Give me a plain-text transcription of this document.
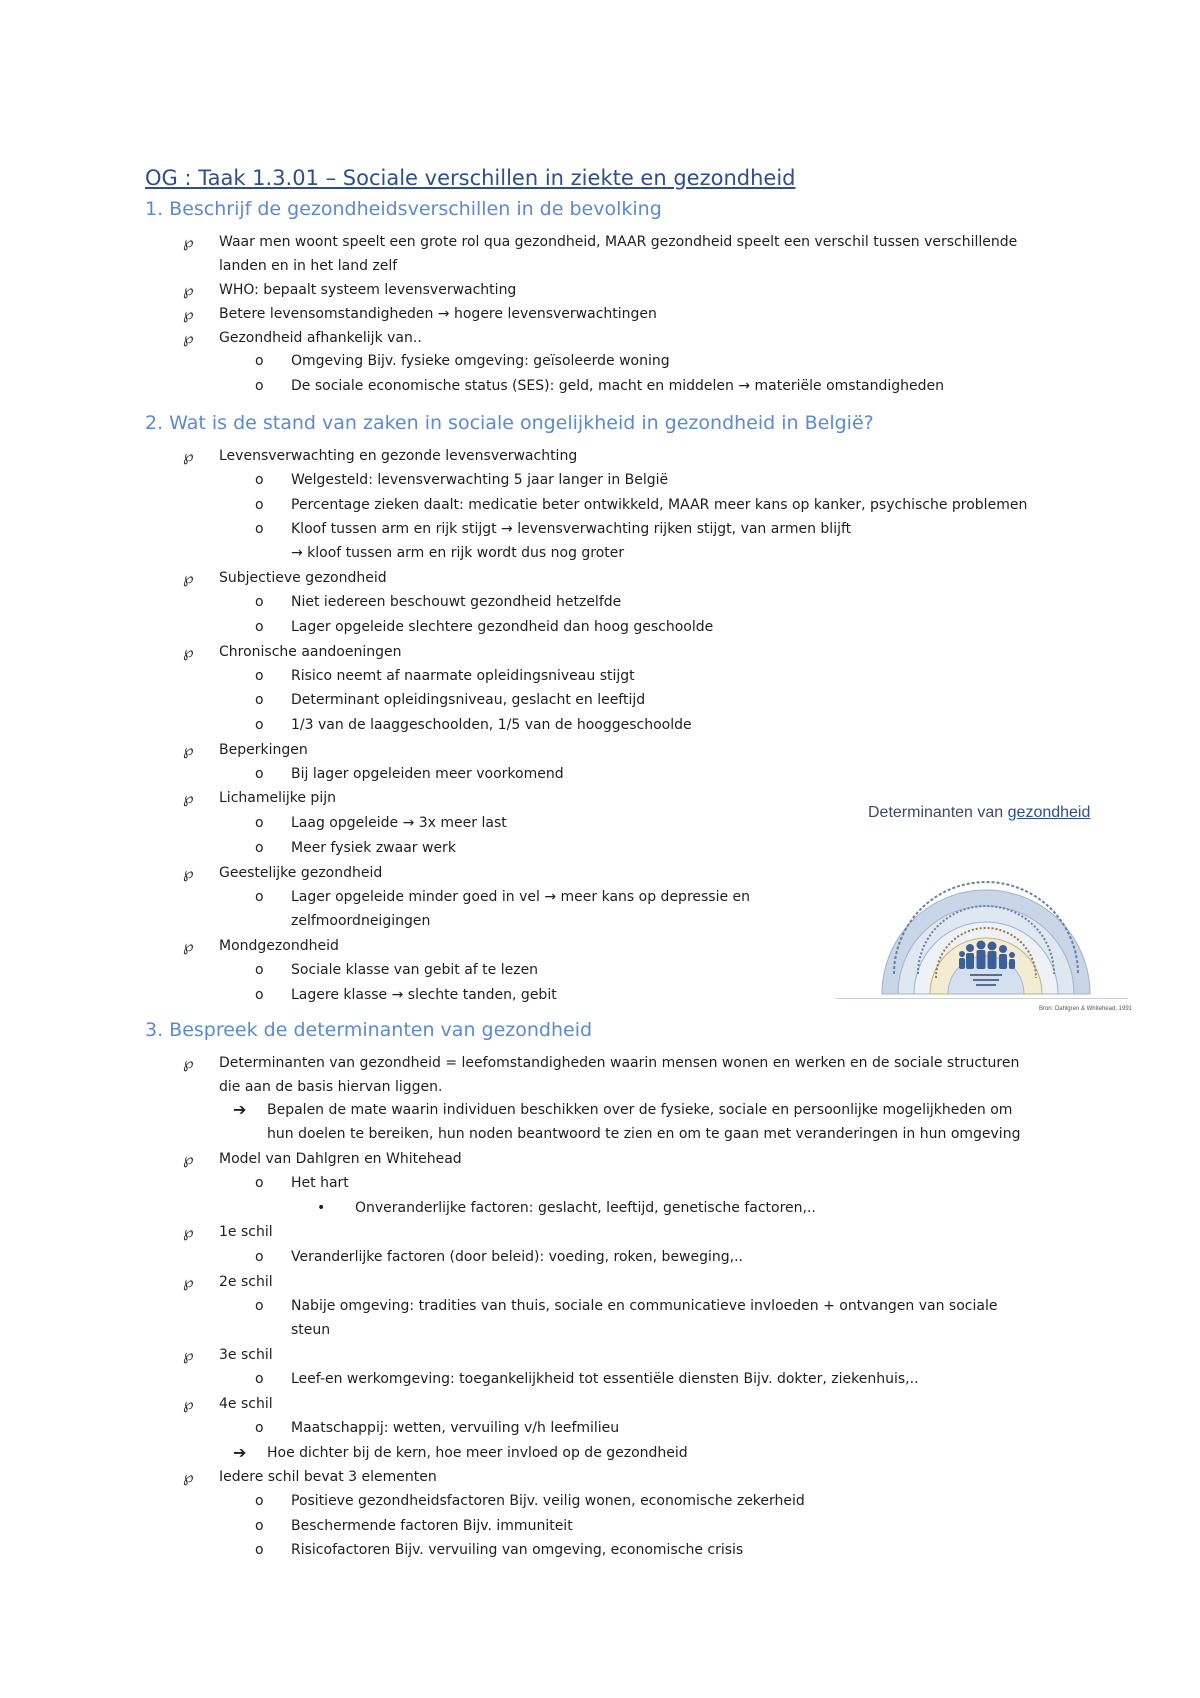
OG : Taak 1.3.01 – Sociale verschillen in ziekte en gezondheid
1. Beschrijf de gezondheidsverschillen in de bevolking
2. Wat is de stand van zaken in sociale ongelijkheid in gezondheid in België?
3. Bespreek de determinanten van gezondheid
Waar men woont speelt een grote rol qua gezondheid, MAAR gezondheid speelt een verschil tussen verschillende
℘
landen en in het land zelf
WHO: bepaalt systeem levensverwachting
℘
Betere levensomstandigheden → hogere levensverwachtingen
℘
Gezondheid afhankelijk van..
℘
Omgeving Bijv. fysieke omgeving: geïsoleerde woning
o
De sociale economische status (SES): geld, macht en middelen → materiële omstandigheden
o
Levensverwachting en gezonde levensverwachting
℘
Welgesteld: levensverwachting 5 jaar langer in België
o
Percentage zieken daalt: medicatie beter ontwikkeld, MAAR meer kans op kanker, psychische problemen
o
Kloof tussen arm en rijk stijgt → levensverwachting rijken stijgt, van armen blijft
o
→ kloof tussen arm en rijk wordt dus nog groter
Subjectieve gezondheid
℘
Niet iedereen beschouwt gezondheid hetzelfde
o
Lager opgeleide slechtere gezondheid dan hoog geschoolde
o
Chronische aandoeningen
℘
Risico neemt af naarmate opleidingsniveau stijgt
o
Determinant opleidingsniveau, geslacht en leeftijd
o
1/3 van de laaggeschoolden, 1/5 van de hooggeschoolde
o
Beperkingen
℘
Bij lager opgeleiden meer voorkomend
o
Lichamelijke pijn
℘
Laag opgeleide → 3x meer last
o
Meer fysiek zwaar werk
o
Geestelijke gezondheid
℘
Lager opgeleide minder goed in vel → meer kans op depressie en
o
zelfmoordneigingen
Mondgezondheid
℘
Sociale klasse van gebit af te lezen
o
Lagere klasse → slechte tanden, gebit
o
Determinanten van gezondheid = leefomstandigheden waarin mensen wonen en werken en de sociale structuren
℘
die aan de basis hiervan liggen.
Bepalen de mate waarin individuen beschikken over de fysieke, sociale en persoonlijke mogelijkheden om
➔
hun doelen te bereiken, hun noden beantwoord te zien en om te gaan met veranderingen in hun omgeving
Model van Dahlgren en Whitehead
℘
Het hart
o
Onveranderlijke factoren: geslacht, leeftijd, genetische factoren,..
•
1e schil
℘
Veranderlijke factoren (door beleid): voeding, roken, beweging,..
o
2e schil
℘
Nabije omgeving: tradities van thuis, sociale en communicatieve invloeden + ontvangen van sociale
o
steun
3e schil
℘
Leef-en werkomgeving: toegankelijkheid tot essentiële diensten Bijv. dokter, ziekenhuis,..
o
4e schil
℘
Maatschappij: wetten, vervuiling v/h leefmilieu
o
Hoe dichter bij de kern, hoe meer invloed op de gezondheid
➔
Iedere schil bevat 3 elementen
℘
Positieve gezondheidsfactoren Bijv. veilig wonen, economische zekerheid
o
Beschermende factoren Bijv. immuniteit
o
Risicofactoren Bijv. vervuiling van omgeving, economische crisis
o
Determinanten van gezondheid
Bron: Dahlgren & Whitehead, 1991
